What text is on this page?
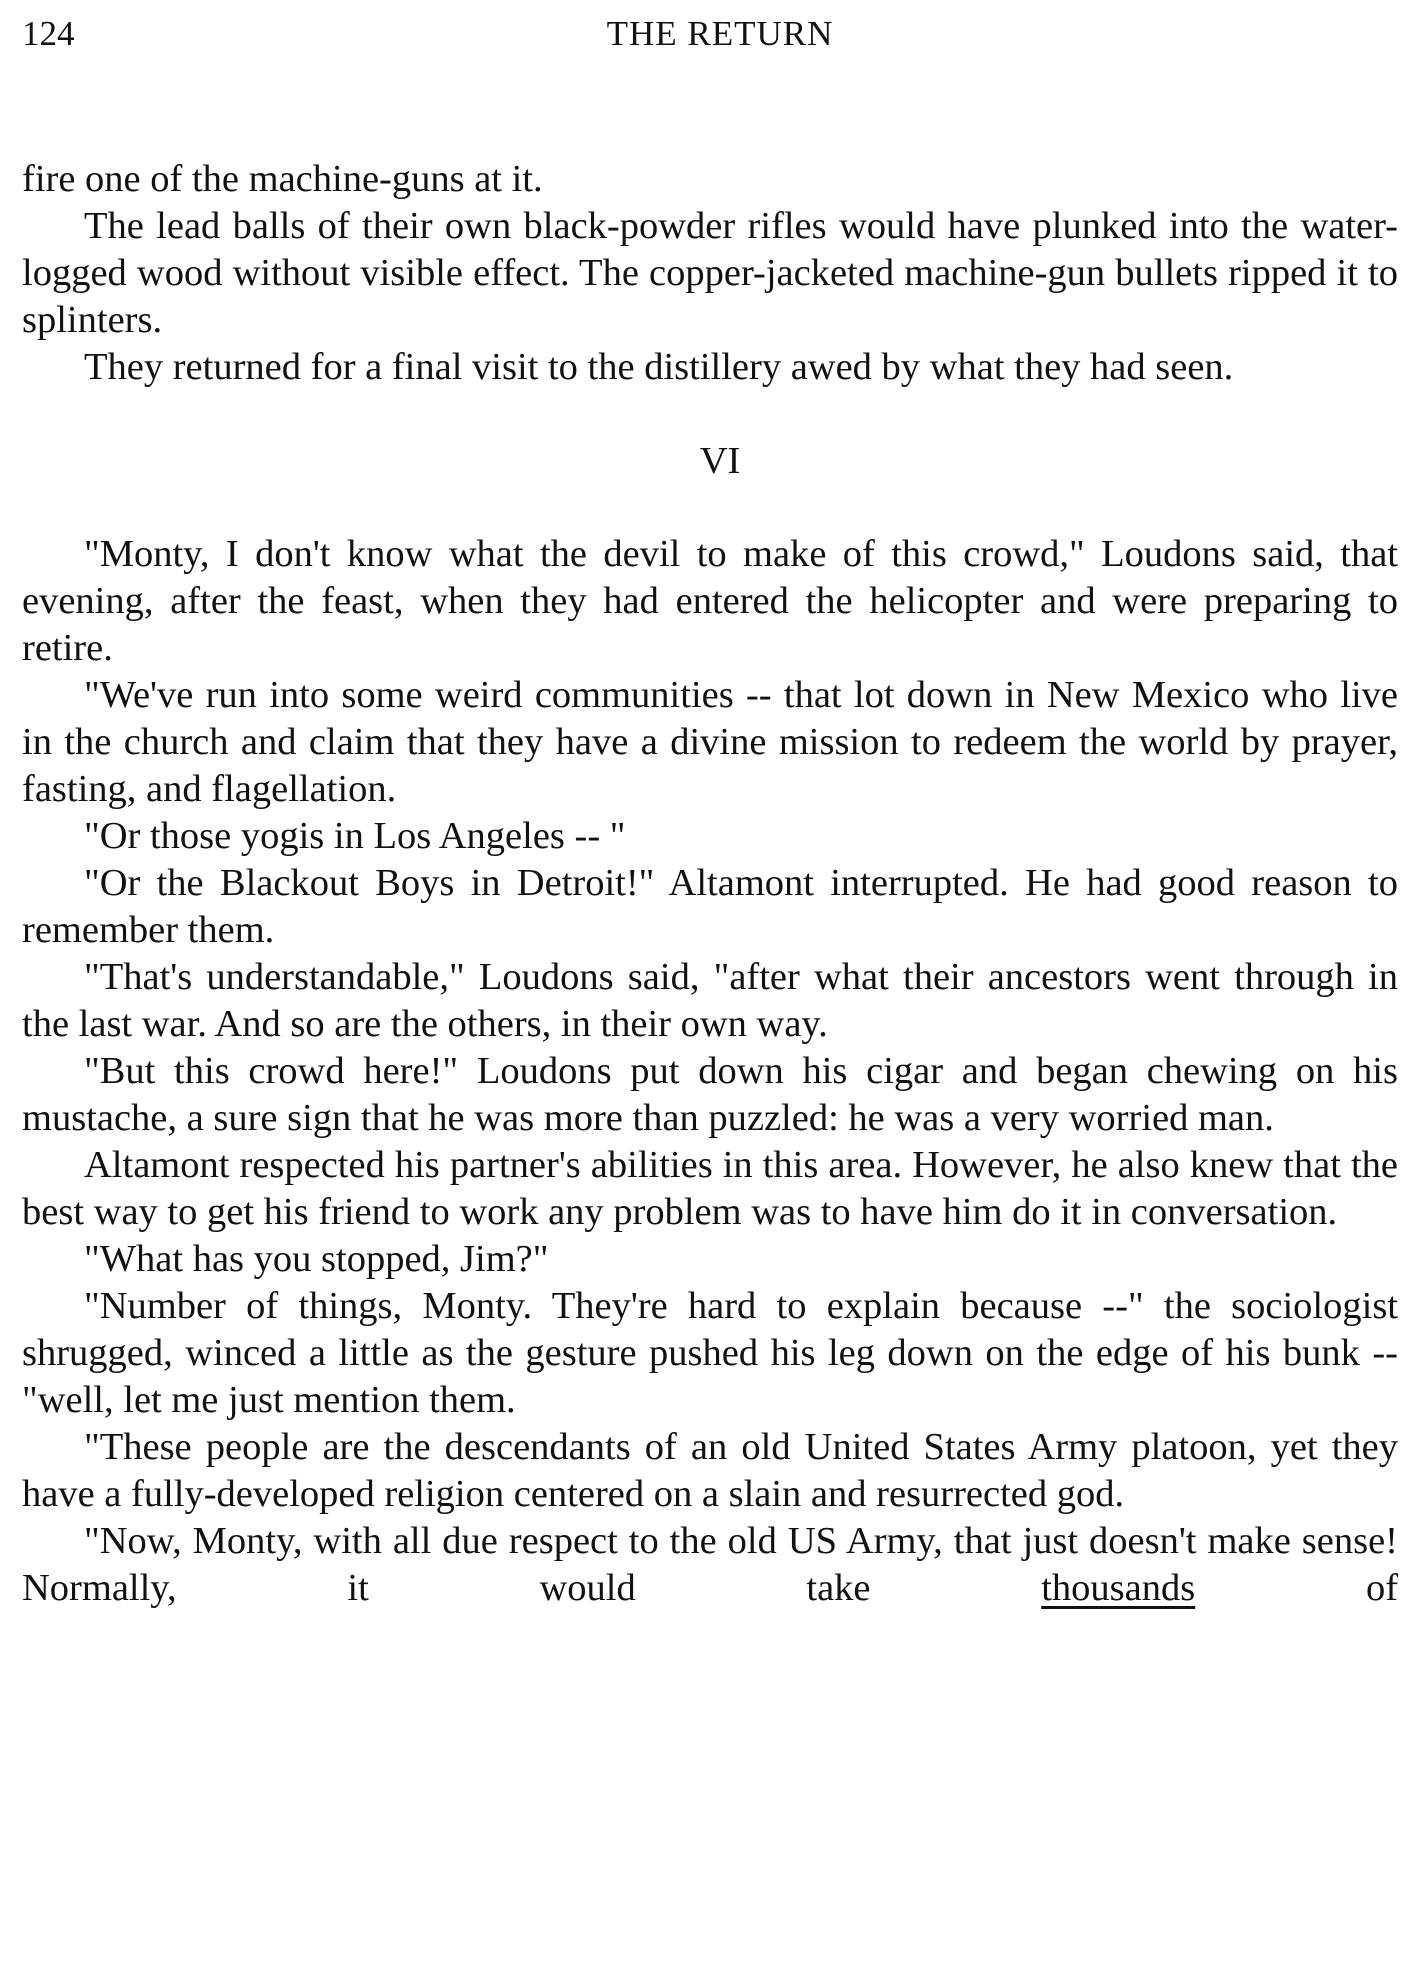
124	THE RETURN

fire one of the machine-guns at it.

The lead balls of their own black-powder rifles would have plunked into the water-logged wood without visible effect. The copper-jacketed machine-gun bullets ripped it to splinters.

They returned for a final visit to the distillery awed by what they had seen.

VI

"Monty, I don't know what the devil to make of this crowd," Loudons said, that evening, after the feast, when they had entered the helicopter and were preparing to retire.

"We've run into some weird communities -- that lot down in New Mexico who live in the church and claim that they have a divine mission to redeem the world by prayer, fasting, and flagellation.

"Or those yogis in Los Angeles -- "

"Or the Blackout Boys in Detroit!" Altamont interrupted. He had good reason to remember them.

"That's understandable," Loudons said, "after what their ancestors went through in the last war. And so are the others, in their own way.

"But this crowd here!" Loudons put down his cigar and began chewing on his mustache, a sure sign that he was more than puzzled: he was a very worried man.

Altamont respected his partner's abilities in this area. However, he also knew that the best way to get his friend to work any problem was to have him do it in conversation.

"What has you stopped, Jim?"

"Number of things, Monty. They're hard to explain because --" the sociologist shrugged, winced a little as the gesture pushed his leg down on the edge of his bunk -- "well, let me just mention them.

"These people are the descendants of an old United States Army platoon, yet they have a fully-developed religion centered on a slain and resurrected god.

"Now, Monty, with all due respect to the old US Army, that just doesn't make sense! Normally, it would take	thousands	of
